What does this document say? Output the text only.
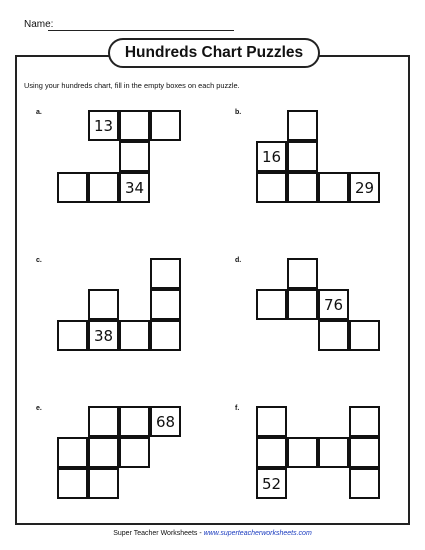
Name:
Hundreds Chart Puzzles
Using your hundreds chart, fill in the empty boxes on each puzzle.
a.
13
34
b.
16
29
c.
38
d.
76
e.
68
f.
52
Super Teacher Worksheets - www.superteacherworksheets.com
